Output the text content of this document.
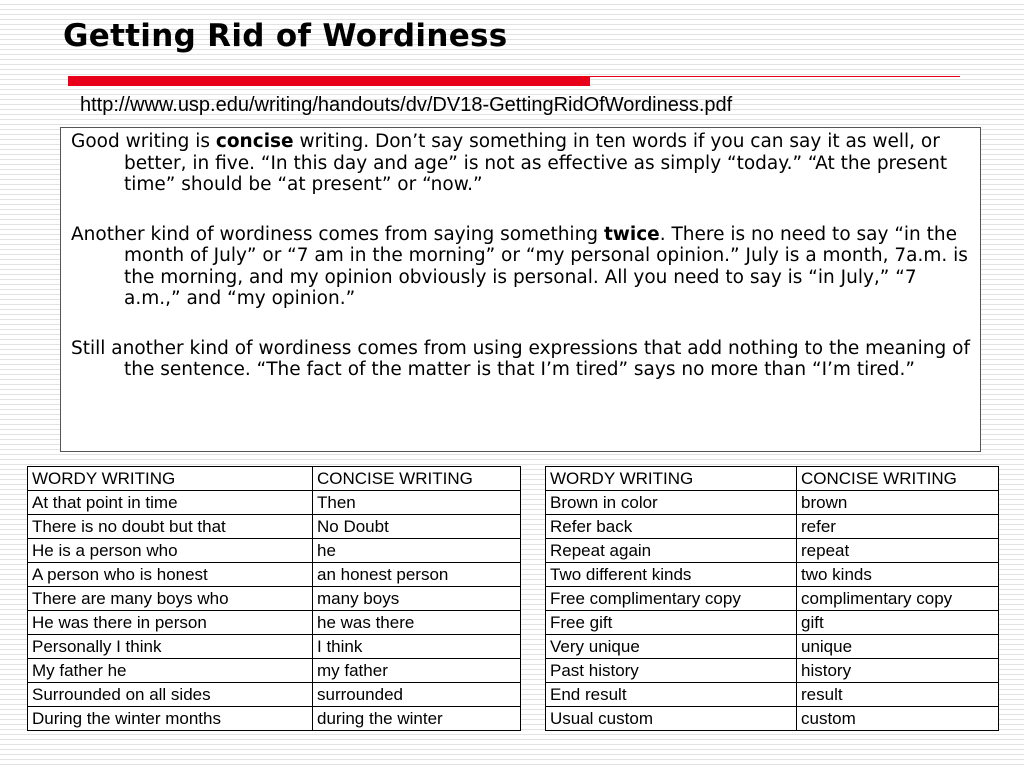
Getting Rid of Wordiness
http://www.usp.edu/writing/handouts/dv/DV18-GettingRidOfWordiness.pdf

Good writing is concise writing. Don’t say something in ten words if you can say it as well, or better, in five. “In this day and age” is not as effective as simply “today.” “At the present time” should be “at present” or “now.”

Another kind of wordiness comes from saying something twice. There is no need to say “in the month of July” or “7 am in the morning” or “my personal opinion.” July is a month, 7a.m. is the morning, and my opinion obviously is personal. All you need to say is “in July,” “7 a.m.,” and “my opinion.”

Still another kind of wordiness comes from using expressions that add nothing to the meaning of the sentence. “The fact of the matter is that I’m tired” says no more than “I’m tired.”

WORDY WRITING	CONCISE WRITING
At that point in time	Then
There is no doubt but that	No Doubt
He is a person who	he
A person who is honest	an honest person
There are many boys who	many boys
He was there in person	he was there
Personally I think	I think
My father he	my father
Surrounded on all sides	surrounded
During the winter months	during the winter
WORDY WRITING	CONCISE WRITING
Brown in color	brown
Refer back	refer
Repeat again	repeat
Two different kinds	two kinds
Free complimentary copy	complimentary copy
Free gift	gift
Very unique	unique
Past history	history
End result	result
Usual custom	custom
